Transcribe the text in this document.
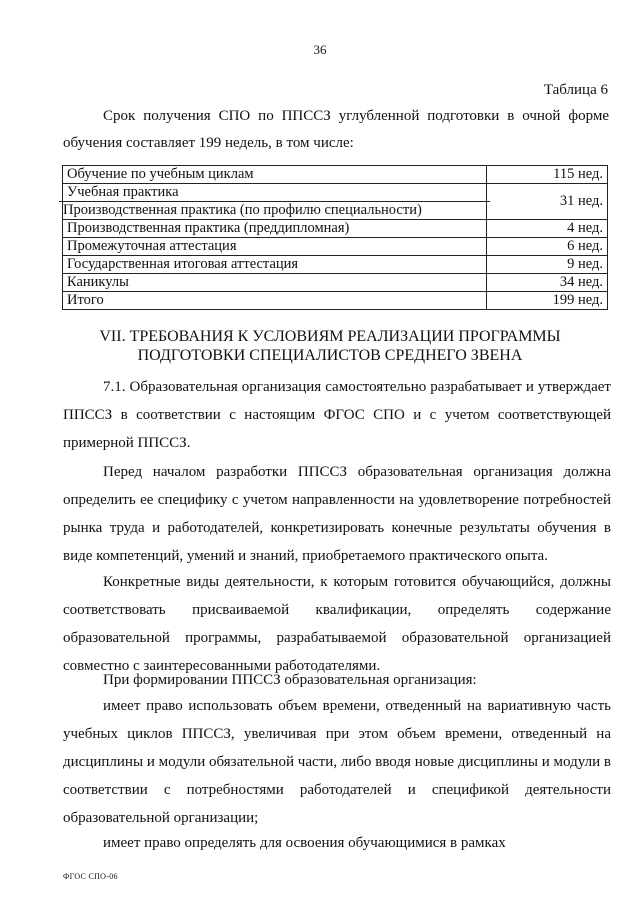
36
Таблица 6

Срок получения СПО по ППССЗ углубленной подготовки в очной форме обучения составляет 199 недель, в том числе:

Обучение по учебным циклам	115 нед.

Учебная практика
Производственная практика (по профилю специальности)	31 нед.
Производственная практика (преддипломная)	4 нед.
Промежуточная аттестация	6 нед.
Государственная итоговая аттестация	9 нед.
Каникулы	34 нед.
Итого	199 нед.
VII. ТРЕБОВАНИЯ К УСЛОВИЯМ РЕАЛИЗАЦИИ ПРОГРАММЫ
ПОДГОТОВКИ СПЕЦИАЛИСТОВ СРЕДНЕГО ЗВЕНА

7.1. Образовательная организация самостоятельно разрабатывает и утверждает ППССЗ в соответствии с настоящим ФГОС СПО и с учетом соответствующей примерной ППССЗ.

Перед началом разработки ППССЗ образовательная организация должна определить ее специфику с учетом направленности на удовлетворение потребностей рынка труда и работодателей, конкретизировать конечные результаты обучения в виде компетенций, умений и знаний, приобретаемого практического опыта.

Конкретные виды деятельности, к которым готовится обучающийся, должны соответствовать присваиваемой квалификации, определять содержание образовательной программы, разрабатываемой образовательной организацией совместно с заинтересованными работодателями.

При формировании ППССЗ образовательная организация:

имеет право использовать объем времени, отведенный на вариативную часть учебных циклов ППССЗ, увеличивая при этом объем времени, отведенный на дисциплины и модули обязательной части, либо вводя новые дисциплины и модули в соответствии с потребностями работодателей и спецификой деятельности образовательной организации;

имеет право определять для освоения обучающимися в рамках

ФГОС СПО-06
